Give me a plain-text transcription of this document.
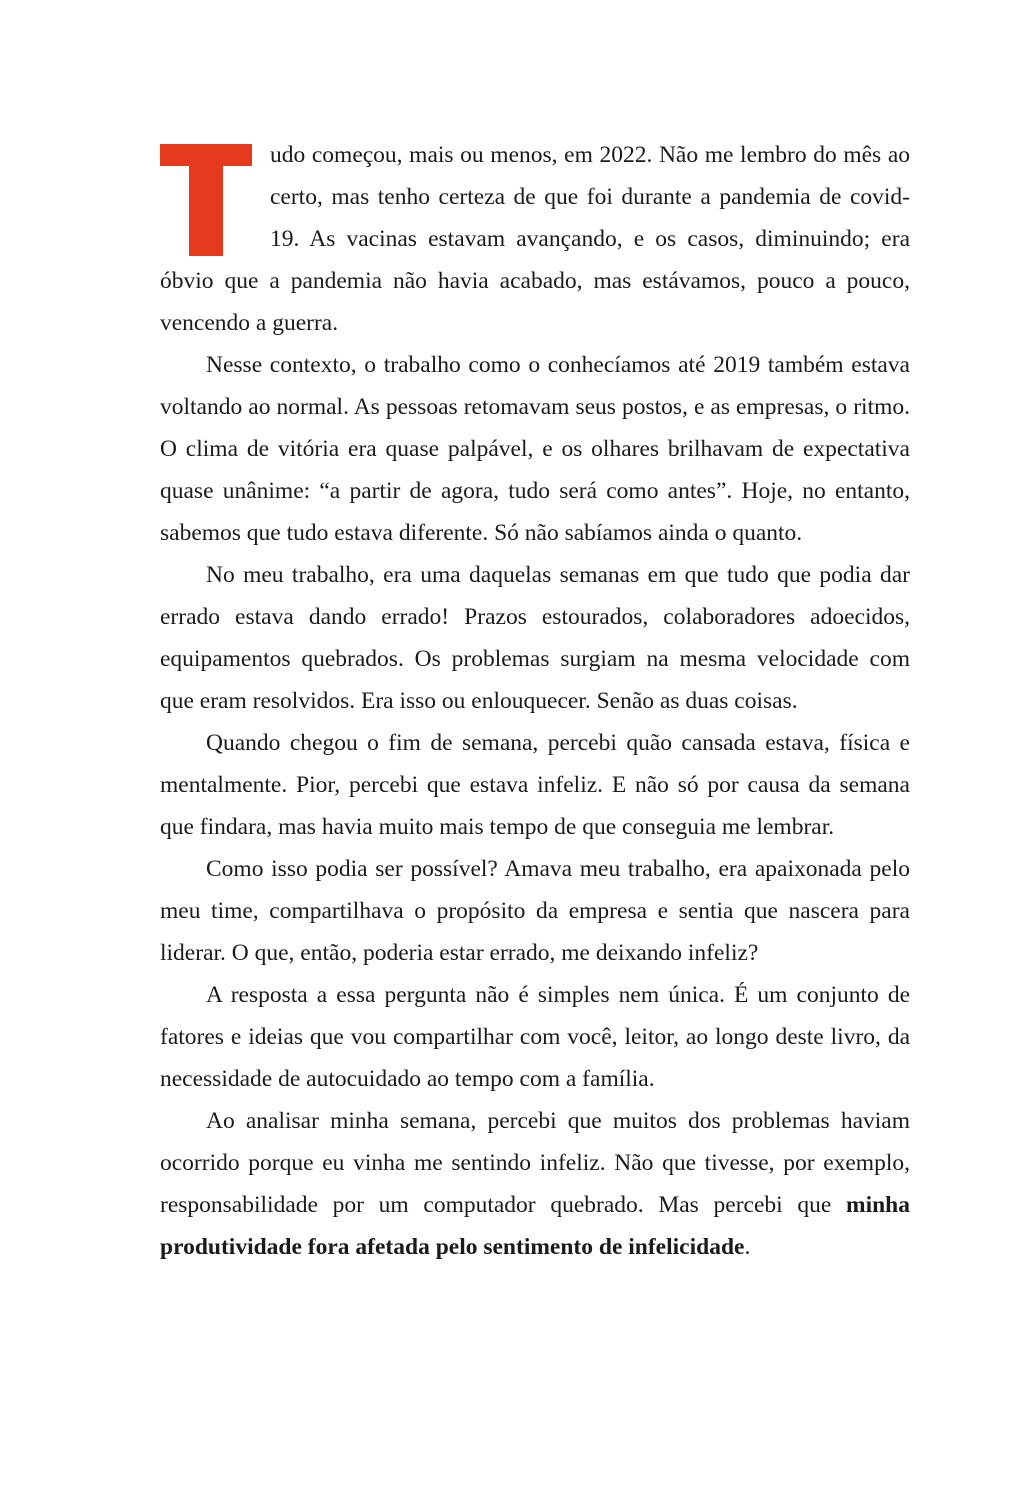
udo começou, mais ou menos, em 2022. Não me lembro do mês ao certo, mas tenho certeza de que foi durante a pandemia de covid-19. As vacinas estavam avançando, e os casos, diminuindo; era óbvio que a pandemia não havia acabado, mas estávamos, pouco a pouco, vencendo a guerra.

Nesse contexto, o trabalho como o conhecíamos até 2019 também estava voltando ao normal. As pessoas retomavam seus postos, e as empresas, o ritmo. O clima de vitória era quase palpável, e os olhares brilhavam de expectativa quase unânime: “a partir de agora, tudo será como antes”. Hoje, no entanto, sabemos que tudo estava diferente. Só não sabíamos ainda o quanto.

No meu trabalho, era uma daquelas semanas em que tudo que podia dar errado estava dando errado! Prazos estourados, colaboradores adoecidos, equipamentos quebrados. Os problemas surgiam na mesma velocidade com que eram resolvidos. Era isso ou enlouquecer. Senão as duas coisas.

Quando chegou o fim de semana, percebi quão cansada estava, física e mentalmente. Pior, percebi que estava infeliz. E não só por causa da semana que findara, mas havia muito mais tempo de que conseguia me lembrar.

Como isso podia ser possível? Amava meu trabalho, era apaixonada pelo meu time, compartilhava o propósito da empresa e sentia que nascera para liderar. O que, então, poderia estar errado, me deixando infeliz?

A resposta a essa pergunta não é simples nem única. É um conjunto de fatores e ideias que vou compartilhar com você, leitor, ao longo deste livro, da necessidade de autocuidado ao tempo com a família.

Ao analisar minha semana, percebi que muitos dos problemas haviam ocorrido porque eu vinha me sentindo infeliz. Não que tivesse, por exemplo, responsabilidade por um computador quebrado. Mas percebi que minha produtividade fora afetada pelo sentimento de infelicidade.
